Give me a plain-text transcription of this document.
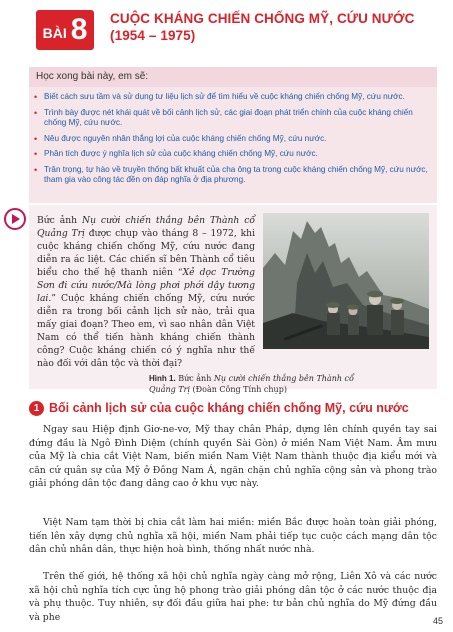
BÀI 8 CUỘC KHÁNG CHIẾN CHỐNG MỸ, CỨU NƯỚC
(1954 – 1975)
Học xong bài này, em sẽ:
• Biết cách sưu tầm và sử dụng tư liệu lịch sử để tìm hiểu về cuộc kháng chiến chống Mỹ, cứu nước.
• Trình bày được nét khái quát về bối cảnh lịch sử, các giai đoạn phát triển chính của cuộc kháng chiến chống Mỹ, cứu nước.
• Nêu được nguyên nhân thắng lợi của cuộc kháng chiến chống Mỹ, cứu nước.
• Phân tích được ý nghĩa lịch sử của cuộc kháng chiến chống Mỹ, cứu nước.
• Trân trọng, tự hào về truyền thống bất khuất của cha ông ta trong cuộc kháng chiến chống Mỹ, cứu nước, tham gia vào công tác đền ơn đáp nghĩa ở địa phương.
Bức ảnh Nụ cười chiến thắng bên Thành cổ Quảng Trị được chụp vào tháng 8 – 1972, khi cuộc kháng chiến chống Mỹ, cứu nước đang diễn ra ác liệt. Các chiến sĩ bên Thành cổ tiêu biểu cho thế hệ thanh niên “Xẻ dọc Trường Sơn đi cứu nước/Mà lòng phơi phới dậy tương lai.” Cuộc kháng chiến chống Mỹ, cứu nước diễn ra trong bối cảnh lịch sử nào, trải qua mấy giai đoạn? Theo em, vì sao nhân dân Việt Nam có thể tiến hành kháng chiến thành công? Cuộc kháng chiến có ý nghĩa như thế nào đối với dân tộc và thời đại?
Hình 1. Bức ảnh Nụ cười chiến thắng bên Thành cổ Quảng Trị (Đoàn Công Tính chụp)
1 Bối cảnh lịch sử của cuộc kháng chiến chống Mỹ, cứu nước
Ngay sau Hiệp định Giơ-ne-vơ, Mỹ thay chân Pháp, dựng lên chính quyền tay sai đứng đầu là Ngô Đình Diệm (chính quyền Sài Gòn) ở miền Nam Việt Nam. Âm mưu của Mỹ là chia cắt Việt Nam, biến miền Nam Việt Nam thành thuộc địa kiểu mới và căn cứ quân sự của Mỹ ở Đông Nam Á, ngăn chặn chủ nghĩa cộng sản và phong trào giải phóng dân tộc đang dâng cao ở khu vực này.
Việt Nam tạm thời bị chia cắt làm hai miền: miền Bắc được hoàn toàn giải phóng, tiến lên xây dựng chủ nghĩa xã hội, miền Nam phải tiếp tục cuộc cách mạng dân tộc dân chủ nhân dân, thực hiện hoà bình, thống nhất nước nhà.
Trên thế giới, hệ thống xã hội chủ nghĩa ngày càng mở rộng, Liên Xô và các nước xã hội chủ nghĩa tích cực ủng hộ phong trào giải phóng dân tộc ở các nước thuộc địa và phụ thuộc. Tuy nhiên, sự đối đầu giữa hai phe: tư bản chủ nghĩa do Mỹ đứng đầu và phe	45
